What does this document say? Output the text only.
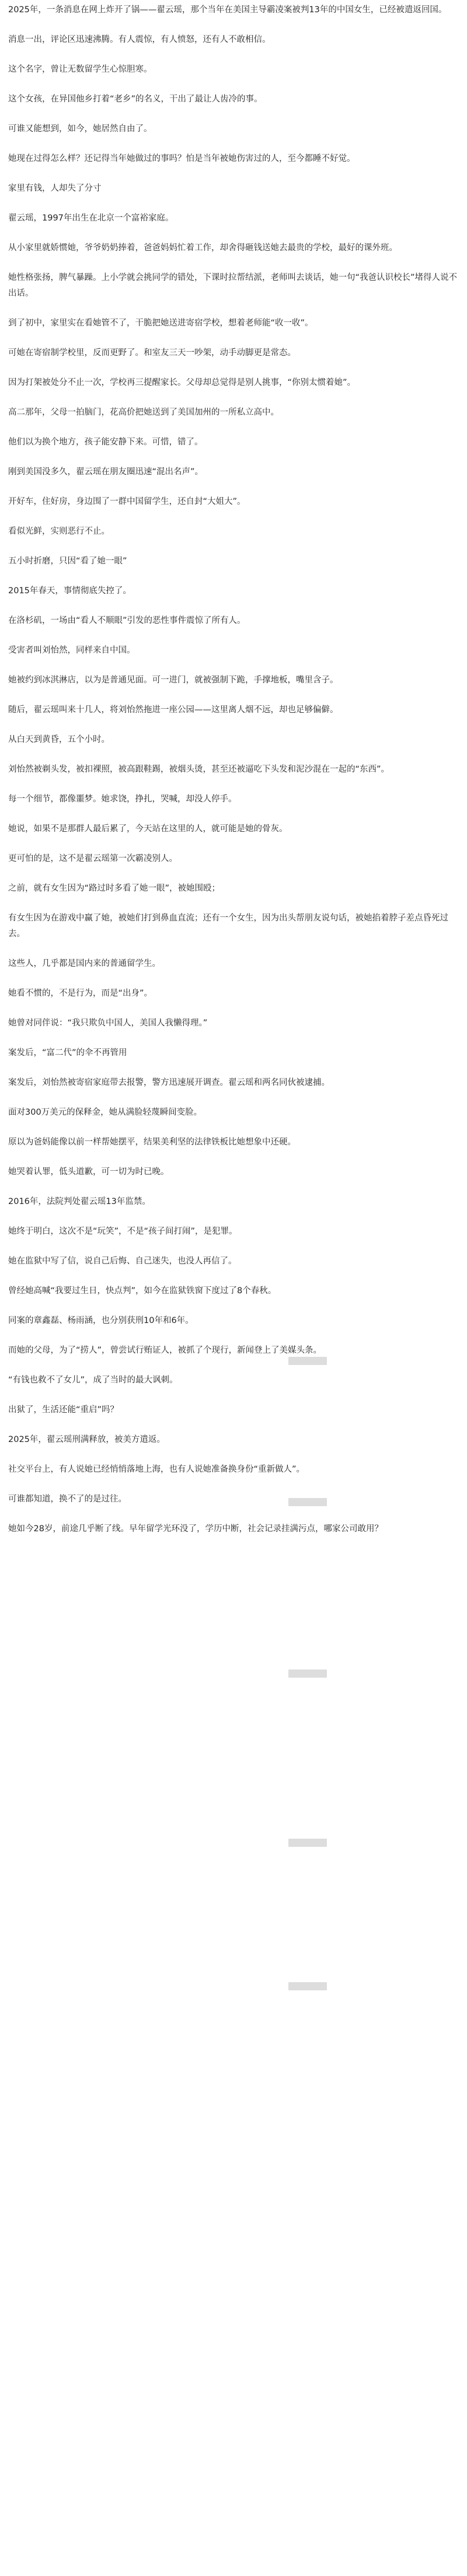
2025年，一条消息在网上炸开了锅——翟云瑶，那个当年在美国主导霸凌案被判13年的中国女生，已经被遣返回国。

消息一出，评论区迅速沸腾。有人震惊，有人愤怒，还有人不敢相信。

这个名字，曾让无数留学生心惊胆寒。

这个女孩，在异国他乡打着“老乡”的名义，干出了最让人齿冷的事。

可谁又能想到，如今，她居然自由了。

她现在过得怎么样？还记得当年她做过的事吗？怕是当年被她伤害过的人，至今都睡不好觉。

家里有钱，人却失了分寸

翟云瑶，1997年出生在北京一个富裕家庭。

从小家里就娇惯她，爷爷奶奶捧着，爸爸妈妈忙着工作，却舍得砸钱送她去最贵的学校，最好的课外班。

她性格张扬，脾气暴躁。上小学就会挑同学的错处，下课时拉帮结派，老师叫去谈话，她一句“我爸认识校长”堵得人说不出话。

到了初中，家里实在看她管不了，干脆把她送进寄宿学校，想着老师能“收一收”。

可她在寄宿制学校里，反而更野了。和室友三天一吵架，动手动脚更是常态。

因为打架被处分不止一次，学校再三提醒家长。父母却总觉得是别人挑事，“你别太惯着她”。

高二那年，父母一拍脑门，花高价把她送到了美国加州的一所私立高中。

他们以为换个地方，孩子能安静下来。可惜，错了。

刚到美国没多久，翟云瑶在朋友圈迅速“混出名声”。

开好车，住好房，身边围了一群中国留学生，还自封“大姐大”。

看似光鲜，实则恶行不止。

五小时折磨，只因“看了她一眼”

2015年春天，事情彻底失控了。

在洛杉矶，一场由“看人不顺眼”引发的恶性事件震惊了所有人。

受害者叫刘怡然，同样来自中国。

她被约到冰淇淋店，以为是普通见面。可一进门，就被强制下跪，手撑地板，嘴里含子。

随后，翟云瑶叫来十几人，将刘怡然拖进一座公园——这里离人烟不远，却也足够偏僻。

从白天到黄昏，五个小时。

刘怡然被剃头发，被扣裸照，被高跟鞋踢，被烟头烫，甚至还被逼吃下头发和泥沙混在一起的“东西”。

每一个细节，都像噩梦。她求饶，挣扎，哭喊，却没人停手。

她说，如果不是那群人最后累了，今天站在这里的人，就可能是她的骨灰。

更可怕的是，这不是翟云瑶第一次霸凌别人。

之前，就有女生因为“路过时多看了她一眼”，被她围殴；

有女生因为在游戏中赢了她，被她们打到鼻血直流；还有一个女生，因为出头帮朋友说句话，被她掐着脖子差点昏死过去。

这些人，几乎都是国内来的普通留学生。

她看不惯的，不是行为，而是“出身”。

她曾对同伴说：“我只欺负中国人，美国人我懒得理。”

案发后，“富二代”的伞不再管用

案发后，刘怡然被寄宿家庭带去报警，警方迅速展开调查。翟云瑶和两名同伙被逮捕。

面对300万美元的保释金，她从满脸轻蔑瞬间变脸。

原以为爸妈能像以前一样帮她摆平，结果美利坚的法律铁板比她想象中还硬。

她哭着认罪，低头道歉，可一切为时已晚。

2016年，法院判处翟云瑶13年监禁。

她终于明白，这次不是“玩笑”，不是“孩子间打闹”，是犯罪。

她在监狱中写了信，说自己后悔、自己迷失，也没人再信了。

曾经她高喊“我要过生日，快点判”，如今在监狱铁窗下度过了8个春秋。

同案的章鑫磊、杨雨涵，也分别获刑10年和6年。

而她的父母，为了“捞人”，曾尝试行贿证人，被抓了个现行，新闻登上了美媒头条。

“有钱也救不了女儿”，成了当时的最大讽刺。

出狱了，生活还能“重启”吗？

2025年，翟云瑶刑满释放，被美方遣返。

社交平台上，有人说她已经悄悄落地上海，也有人说她准备换身份“重新做人”。

可谁都知道，换不了的是过往。

她如今28岁，前途几乎断了线。早年留学光环没了，学历中断，社会记录挂满污点，哪家公司敢用？
